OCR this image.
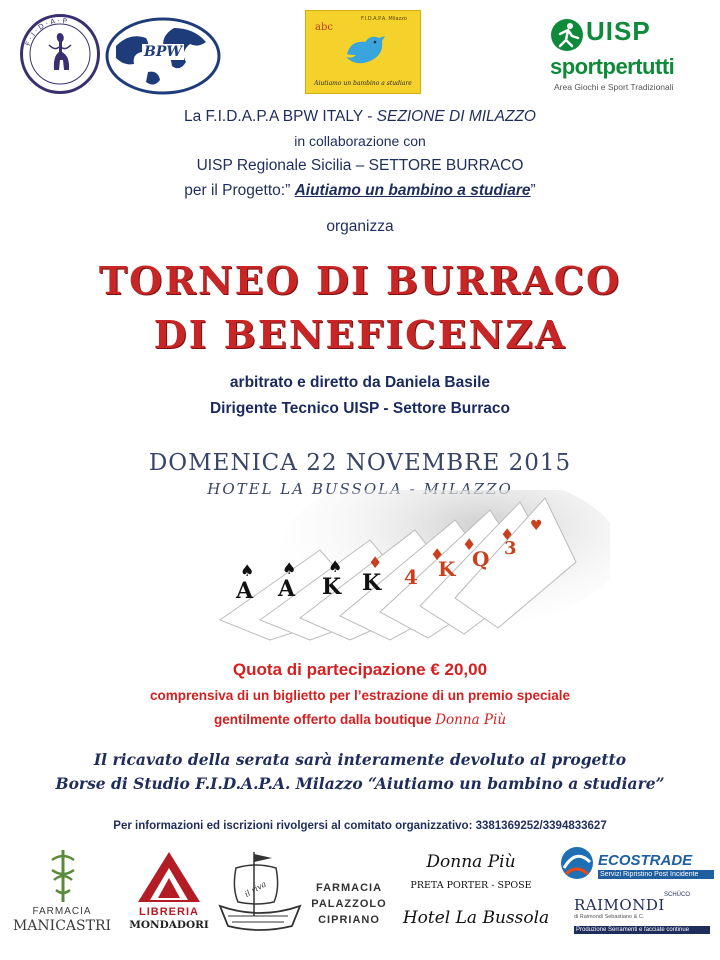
F · I · D · A · P
BPW
abc
F.I.D.A.P.A. Milazzo
Aiutiamo un bambino a studiare
UISP
sportpertutti
Area Giochi e Sport Tradizionali
La F.I.D.A.P.A BPW ITALY - SEZIONE DI MILAZZO
in collaborazione con
UISP Regionale Sicilia – SETTORE BURRACO
per il Progetto:” Aiutiamo un bambino a studiare”
organizza
TORNEO DI BURRACO
DI BENEFICENZA
arbitrato e diretto da Daniela Basile
Dirigente Tecnico UISP - Settore Burraco
DOMENICA 22 NOVEMBRE 2015
HOTEL LA BUSSOLA - MILAZZO
A
♠
A
♠
K
♠
K
♦
4
♦
K
♦
Q
♦
3
♥
Quota di partecipazione € 20,00
comprensiva di un biglietto per l’estrazione di un premio speciale
gentilmente offerto dalla boutique Donna Più
Il ricavato della serata sarà interamente devoluto al progetto
Borse di Studio F.I.D.A.P.A. Milazzo “Aiutiamo un bambino a studiare”
Per informazioni ed iscrizioni rivolgersi al comitato organizzativo: 3381369252/3394833627
FARMACIA
MANICASTRI
LIBRERIA
MONDADORI
il riva	FARMACIA
PALAZZOLO
CIPRIANO
Donna Più
PRETA PORTER - SPOSE
Hotel La Bussola
ECOSTRADE
Servizi Ripristino Post Incidente
RAIMONDI
SCHÜCO
di Raimondi Sebastiano & C.
Produzione Serramenti e facciate continue
